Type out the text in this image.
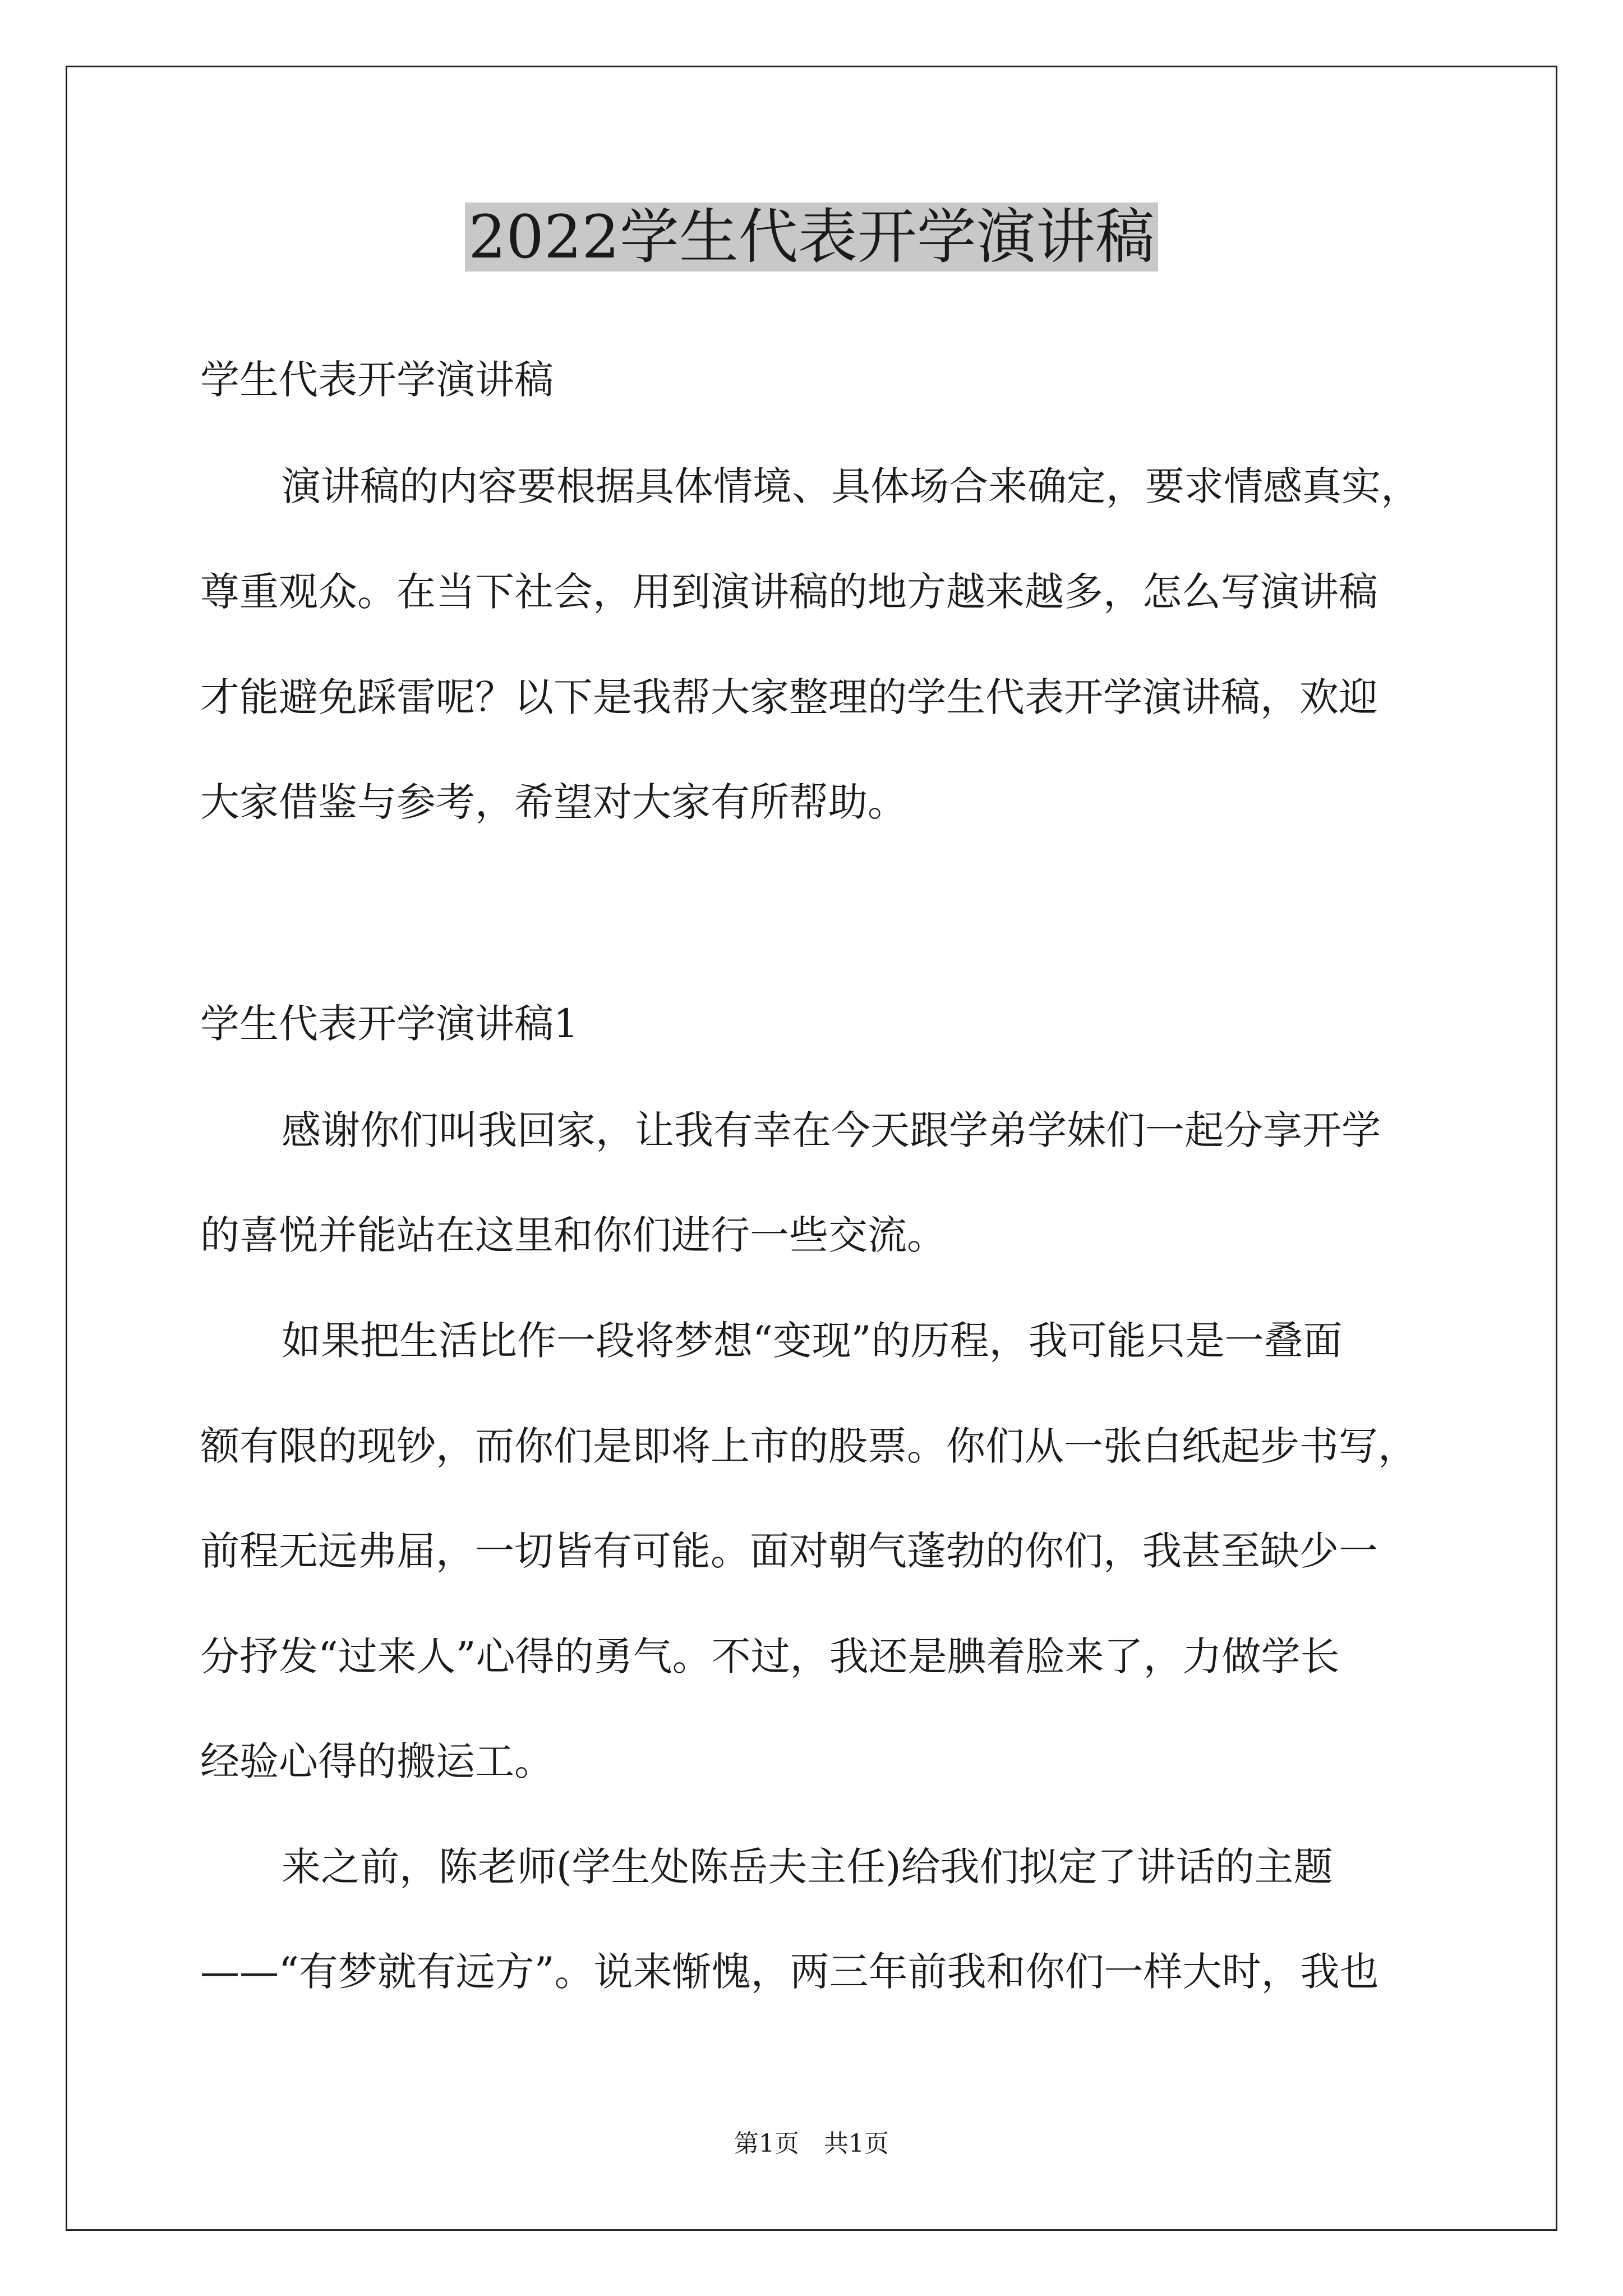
2022学生代表开学演讲稿
学生代表开学演讲稿
演讲稿的内容要根据具体情境、具体场合来确定，要求情感真实，
尊重观众。在当下社会，用到演讲稿的地方越来越多，怎么写演讲稿
才能避免踩雷呢？以下是我帮大家整理的学生代表开学演讲稿，欢迎
大家借鉴与参考，希望对大家有所帮助。
学生代表开学演讲稿1
感谢你们叫我回家，让我有幸在今天跟学弟学妹们一起分享开学
的喜悦并能站在这里和你们进行一些交流。
如果把生活比作一段将梦想“变现”的历程，我可能只是一叠面
额有限的现钞，而你们是即将上市的股票。你们从一张白纸起步书写，
前程无远弗届，一切皆有可能。面对朝气蓬勃的你们，我甚至缺少一
分抒发“过来人”心得的勇气。不过，我还是腆着脸来了，力做学长
经验心得的搬运工。
来之前，陈老师(学生处陈岳夫主任)给我们拟定了讲话的主题
——“有梦就有远方”。说来惭愧，两三年前我和你们一样大时，我也
第1页 共1页
